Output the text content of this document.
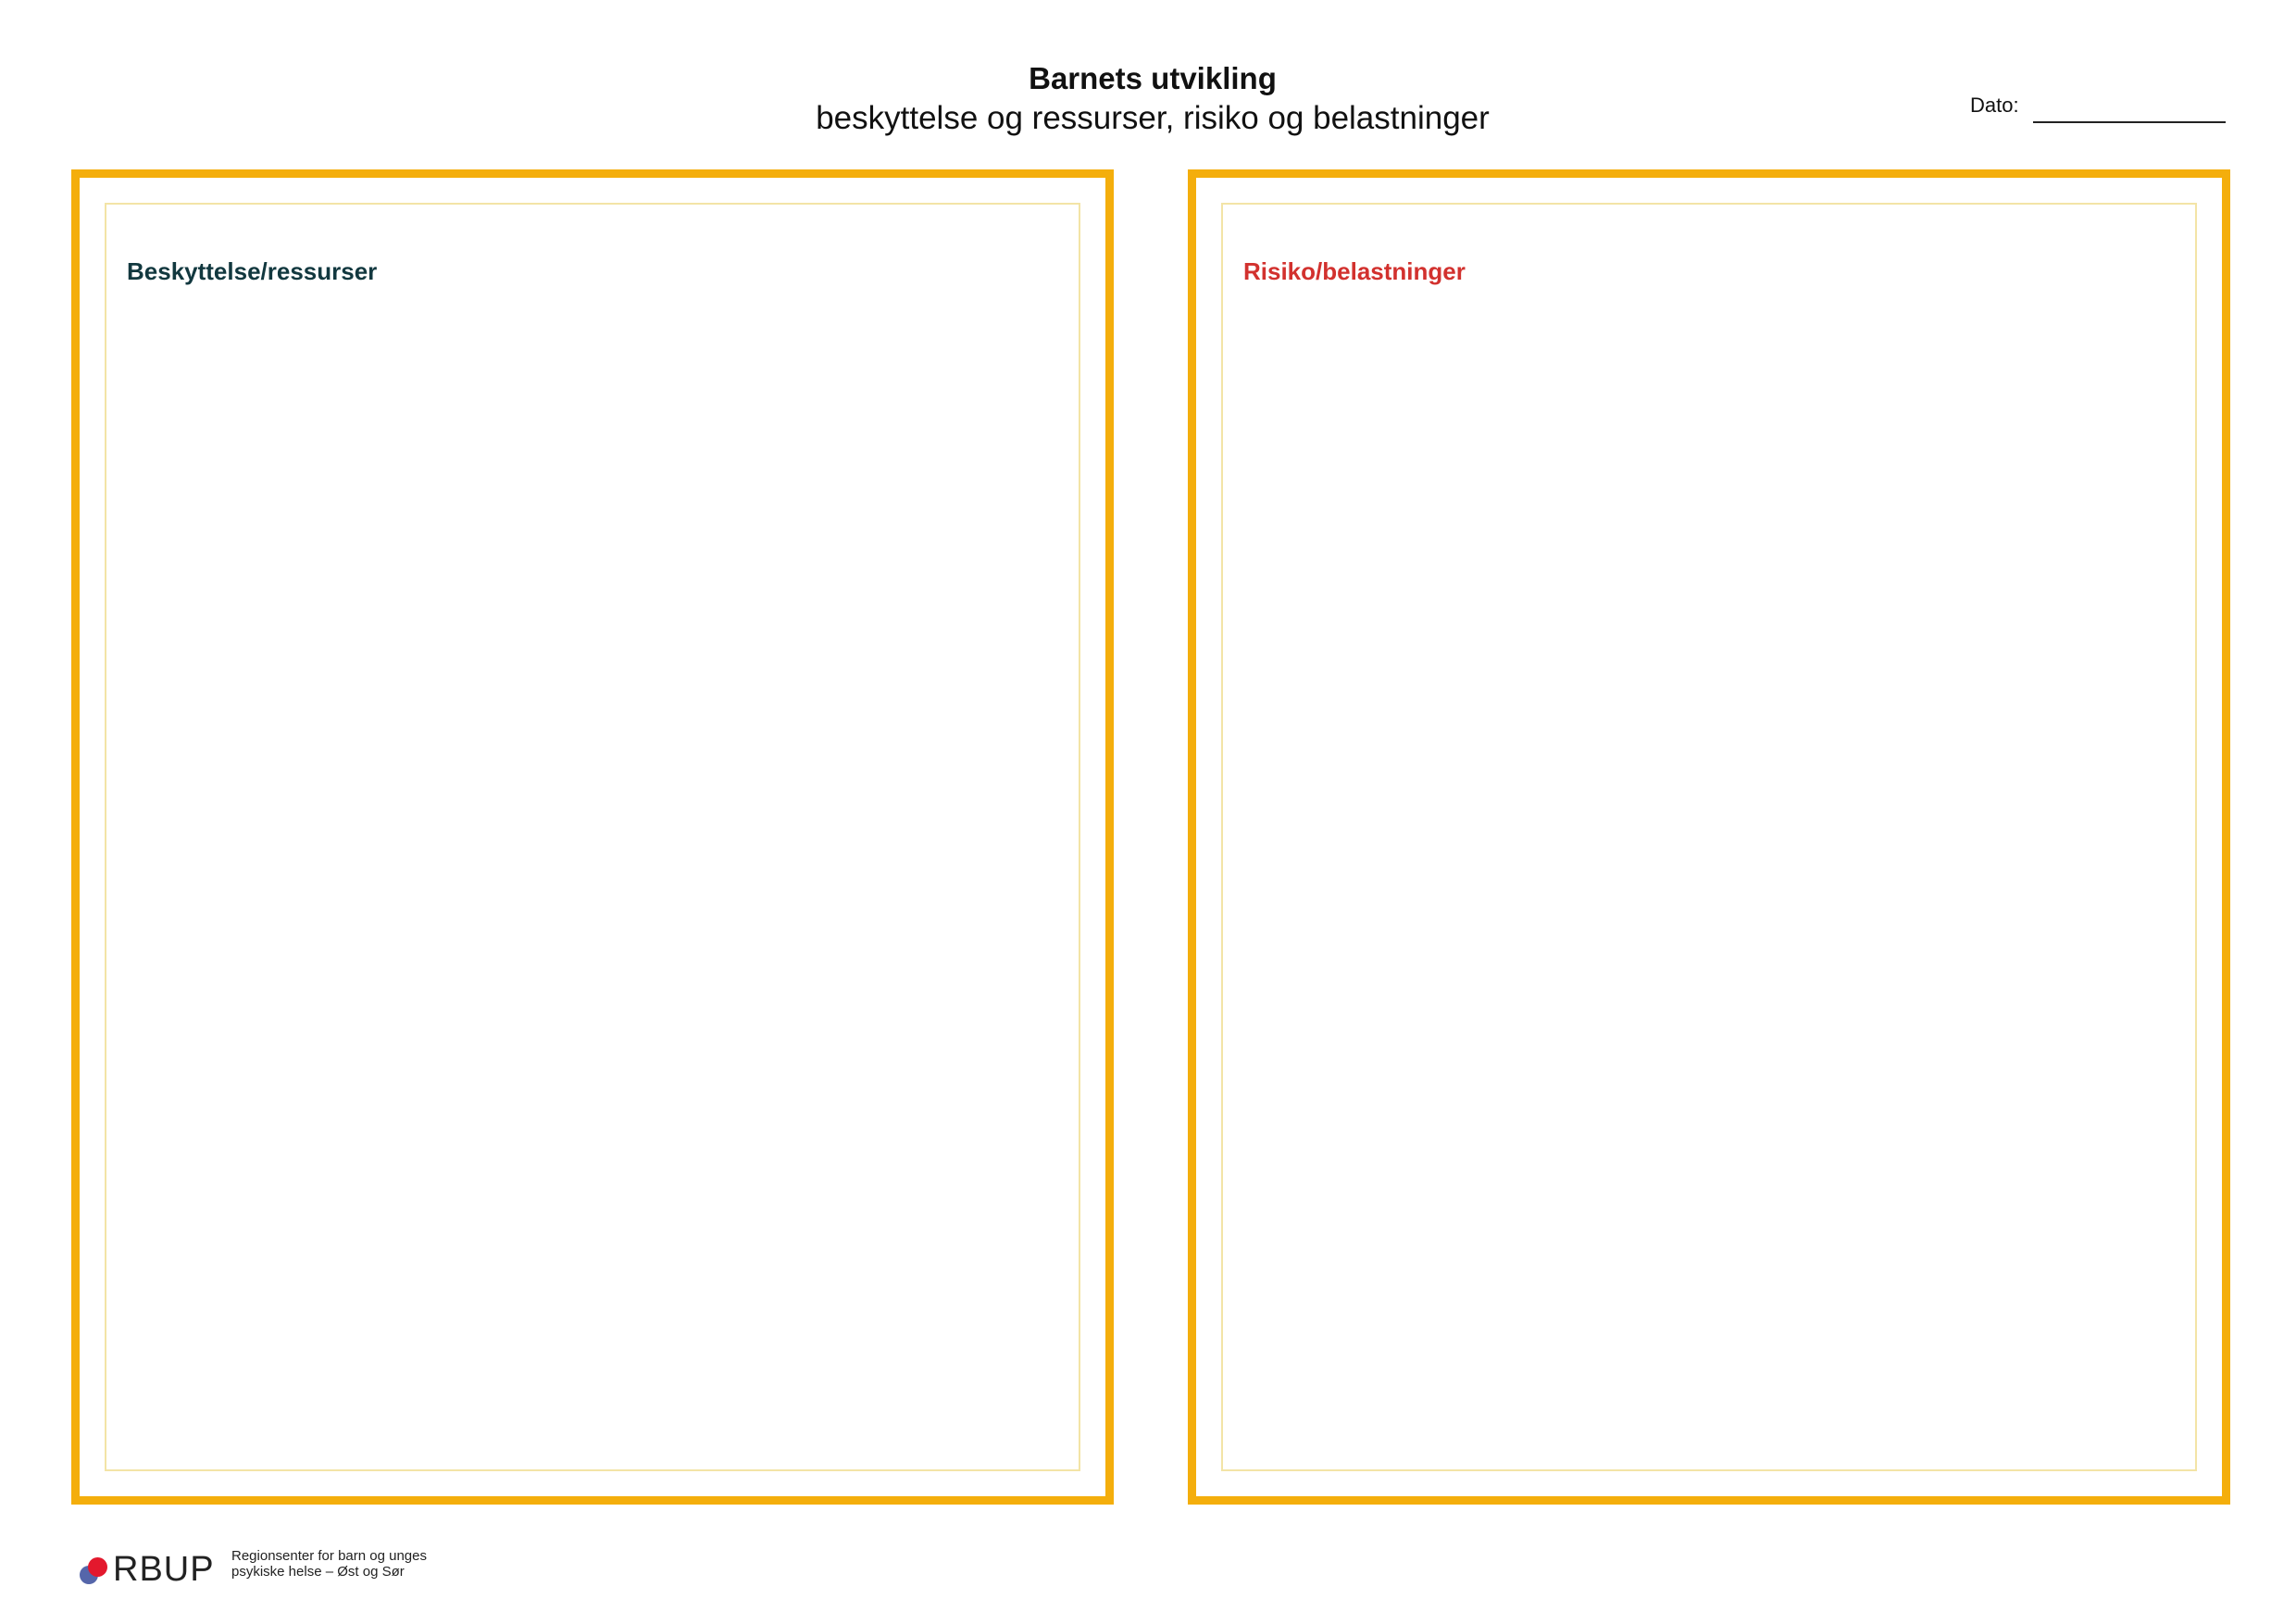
Barnets utvikling

beskyttelse og ressurser, risiko og belastninger	Dato:

Beskyttelse/ressurser	Risiko/belastninger

RBUP Regionsenter for barn og unges
psykiske helse – Øst og Sør
